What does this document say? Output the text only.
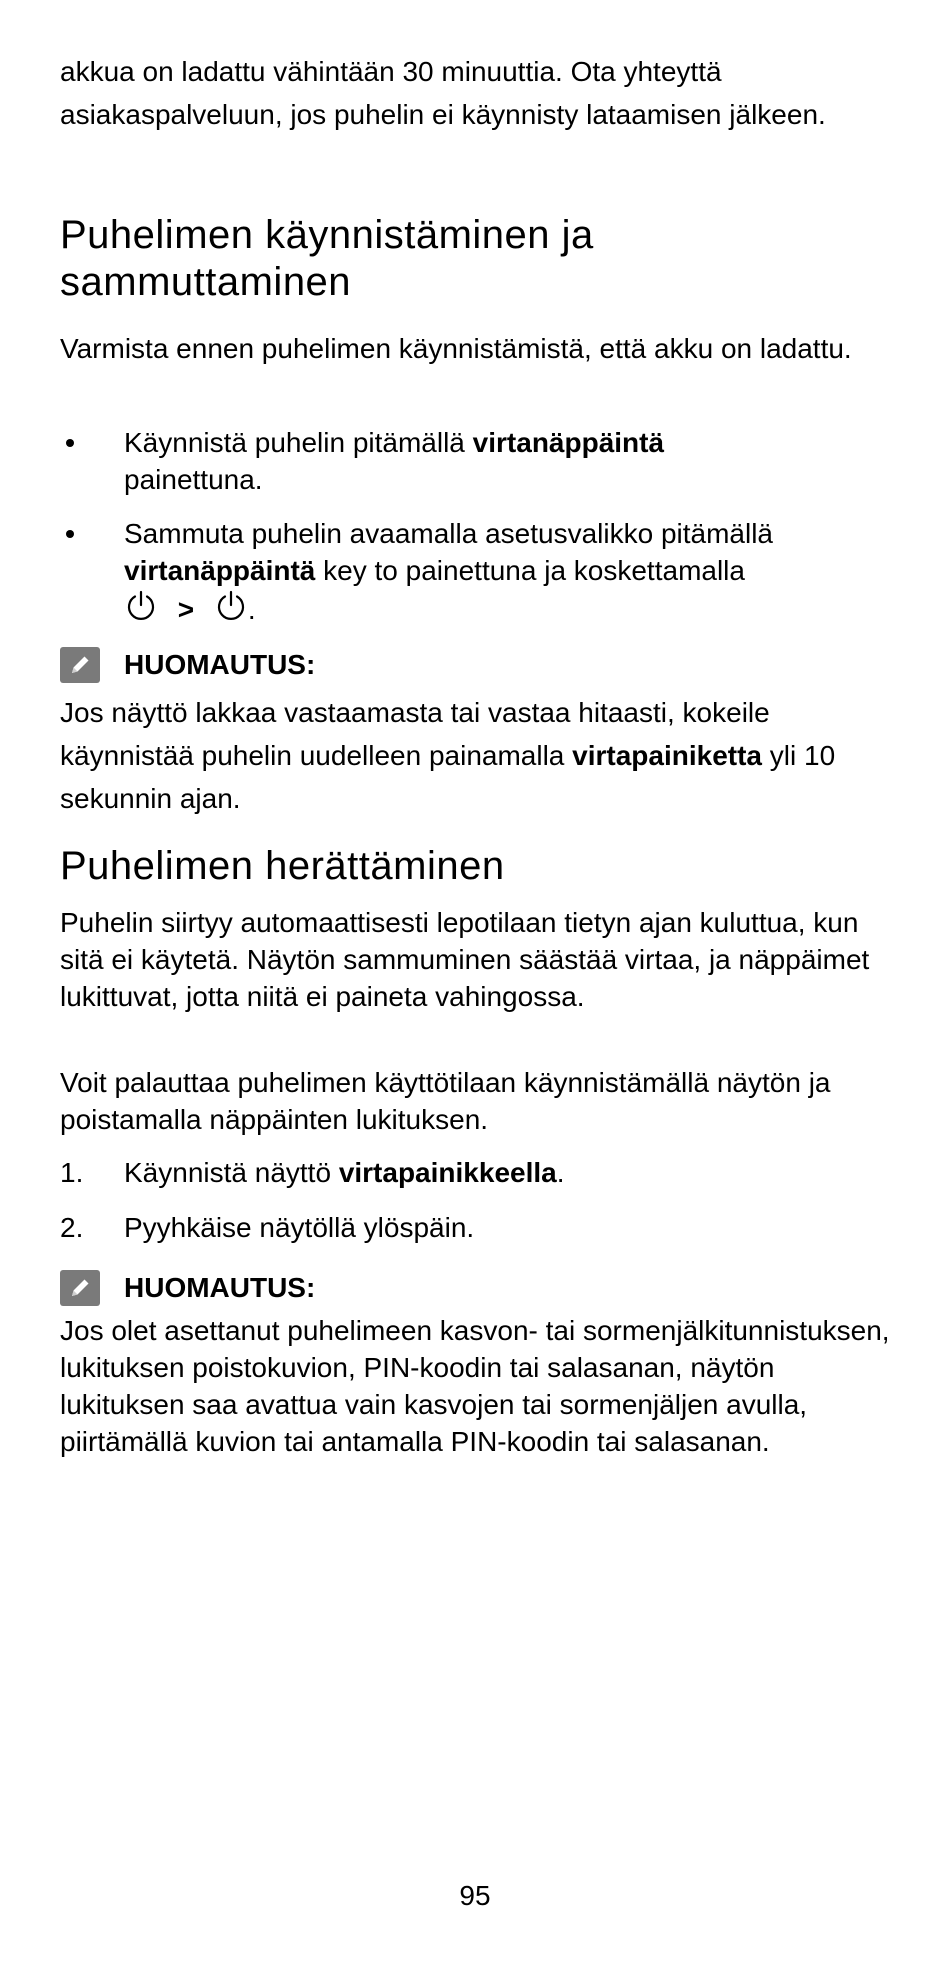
akkua on ladattu vähintään 30 minuuttia. Ota yhteyttä asiakaspalveluun, jos puhelin ei käynnisty lataamisen jälkeen.

Puhelimen käynnistäminen ja
sammuttaminen

Varmista ennen puhelimen käynnistämistä, että akku on ladattu.

Käynnistä puhelin pitämällä virtanäppäintä
painettuna.
Sammuta puhelin avaamalla asetusvalikko pitämällä
virtanäppäintä key to painettuna ja koskettamalla
> .
HUOMAUTUS:

Jos näyttö lakkaa vastaamasta tai vastaa hitaasti, kokeile käynnistää puhelin uudelleen painamalla virtapainiketta yli 10 sekunnin ajan.

Puhelimen herättäminen

Puhelin siirtyy automaattisesti lepotilaan tietyn ajan kuluttua, kun sitä ei käytetä. Näytön sammuminen säästää virtaa, ja näppäimet lukittuvat, jotta niitä ei paineta vahingossa.

Voit palauttaa puhelimen käyttötilaan käynnistämällä näytön ja poistamalla näppäinten lukituksen.

1. Käynnistä näyttö virtapainikkeella.
2. Pyyhkäise näytöllä ylöspäin.
HUOMAUTUS:

Jos olet asettanut puhelimeen kasvon- tai sormenjälkitunnistuksen, lukituksen poistokuvion, PIN-koodin tai salasanan, näytön lukituksen saa avattua vain kasvojen tai sormenjäljen avulla, piirtämällä kuvion tai antamalla PIN-koodin tai salasanan.

95
